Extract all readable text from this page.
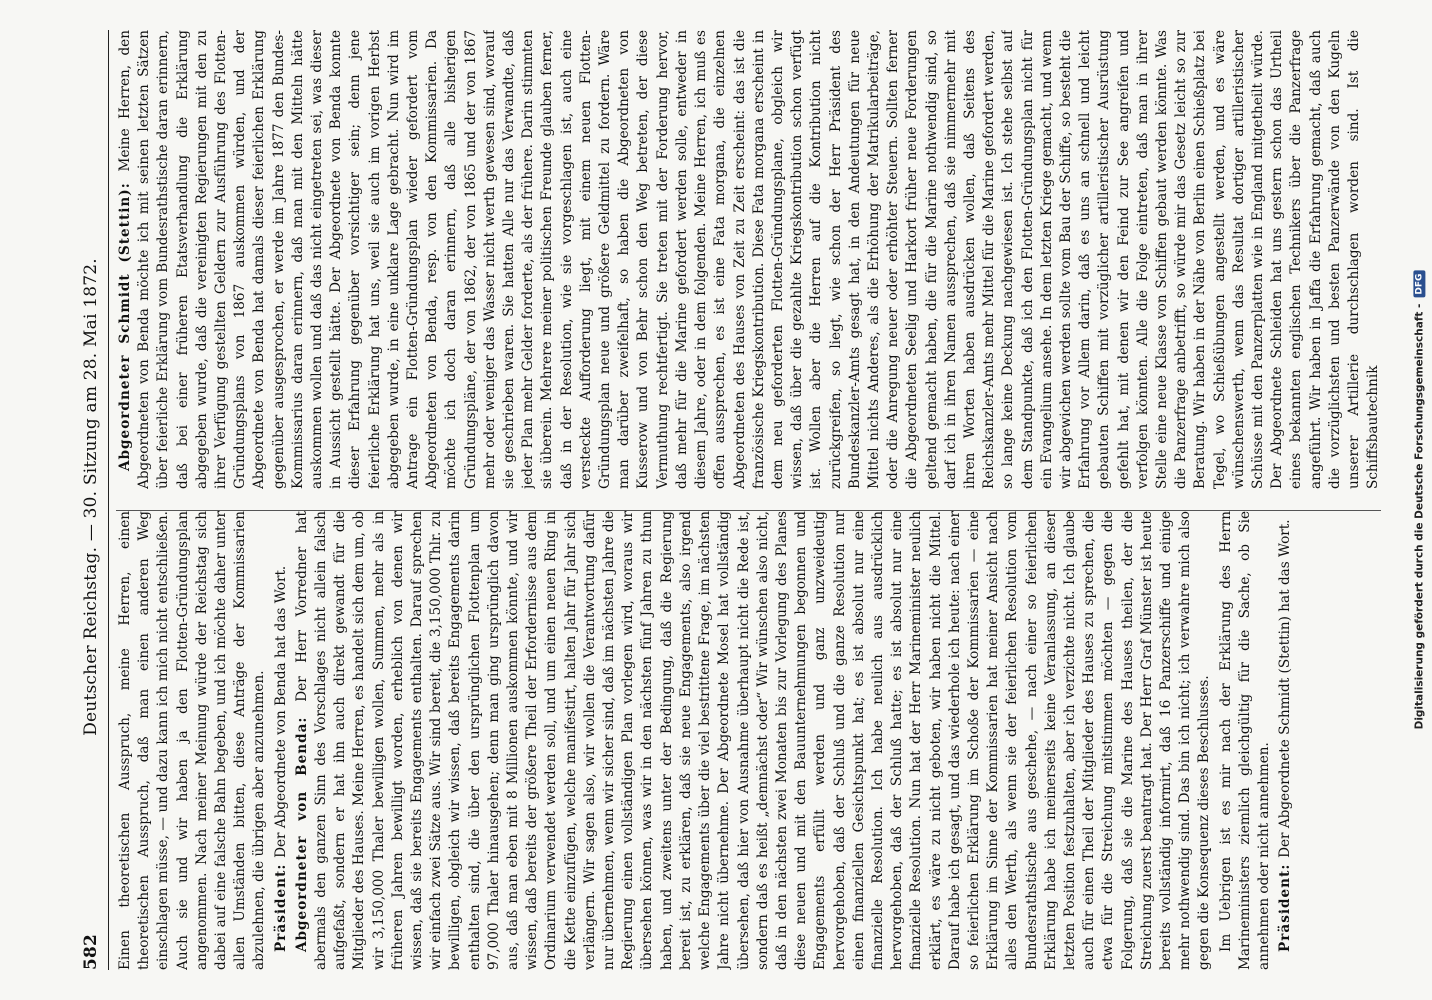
582
Deutscher Reichstag. — 30. Sitzung am 28. Mai 1872.

Einen theoretischen Ausspruch, meine Herren, einen theoretischen Ausspruch, daß man einen anderen Weg einschlagen müsse, — und dazu kann ich mich nicht entschließen. Auch sie und wir haben ja den Flotten-Gründungsplan angenommen. Nach meiner Meinung würde der Reichstag sich dabei auf eine falsche Bahn begeben, und ich möchte daher unter allen Umständen bitten, diese Anträge der Kommissarien abzulehnen, die übrigen aber anzunehmen. Präsident: Der Abgeordnete von Benda hat das Wort. Abgeordneter von Benda: Der Herr Vorredner hat abermals den ganzen Sinn des Vorschlages nicht allein falsch aufgefaßt, sondern er hat ihn auch direkt gewandt für die Mitglieder des Hauses. Meine Herren, es handelt sich dem um, ob wir 3,150,000 Thaler bewilligen wollen, Summen, mehr als in früheren Jahren bewilligt worden, erheblich von denen wir wissen, daß sie bereits Engagements enthalten. Darauf sprechen wir einfach zwei Sätze aus. Wir sind bereit, die 3,150,000 Thlr. zu bewilligen, obgleich wir wissen, daß bereits Engagements darin enthalten sind, die über den ursprünglichen Flottenplan um 97,000 Thaler hinausgehen; denn man ging ursprünglich davon aus, daß man eben mit 8 Millionen auskommen könnte, und wir wissen, daß bereits der größere Theil der Erfordernisse aus dem Ordinarium verwendet werden soll, und um einen neuen Ring in die Kette einzufügen, welche manifestirt, halten Jahr für Jahr sich verlängern. Wir sagen also, wir wollen die Verantwortung dafür nur übernehmen, wenn wir sicher sind, daß im nächsten Jahre die Regierung einen vollständigen Plan vorlegen wird, woraus wir übersehen können, was wir in den nächsten fünf Jahren zu thun haben, und zweitens unter der Bedingung, daß die Regierung bereit ist, zu erklären, daß sie neue Engagements, also irgend welche Engagements über die viel bestrittene Frage, im nächsten Jahre nicht übernehme. Der Abgeordnete Mosel hat vollständig übersehen, daß hier von Ausnahme überhaupt nicht die Rede ist, sondern daß es heißt „demnächst oder“ Wir wünschen also nicht, daß in den nächsten zwei Monaten bis zur Vorlegung des Planes diese neuen und mit den Bauunternehmungen begonnen und Engagements erfüllt werden und ganz unzweideutig hervorgehoben, daß der Schluß und die ganze Resolution nur einen finanziellen Gesichtspunkt hat; es ist absolut nur eine finanzielle Resolution. Ich habe neulich aus ausdrücklich hervorgehoben, daß der Schluß hatte; es ist absolut nur eine finanzielle Resolution. Nun hat der Herr Marineminister neulich erklärt, es wäre zu nicht geboten, wir haben nicht die Mittel. Darauf habe ich gesagt, und das wiederhole ich heute: nach einer so feierlichen Erklärung im Schoße der Kommissarien — eine Erklärung im Sinne der Kommissarien hat meiner Ansicht nach alles den Werth, als wenn sie der feierlichen Resolution vom Bundesrathstische aus geschehe, — nach einer so feierlichen Erklärung habe ich meinerseits keine Veranlassung, an dieser letzten Position festzuhalten, aber ich verzichte nicht. Ich glaube auch für einen Theil der Mitglieder des Hauses zu sprechen, die etwa für die Streichung mitstimmen möchten — gegen die Folgerung, daß sie die Marine des Hauses theilen, der die Streichung zuerst beantragt hat. Der Herr Graf Münster ist heute bereits vollständig informirt, daß 16 Panzerschiffe und einige mehr nothwendig sind. Das bin ich nicht; ich verwahre mich also gegen die Konsequenz dieses Beschlusses. Im Uebrigen ist es mir nach der Erklärung des Herrn Marineministers ziemlich gleichgültig für die Sache, ob Sie annehmen oder nicht annehmen. Präsident: Der Abgeordnete Schmidt (Stettin) hat das Wort.

Abgeordneter Schmidt (Stettin): Meine Herren, den Abgeordneten von Benda möchte ich mit seinen letzten Sätzen über feierliche Erklärung vom Bundesrathstische daran erinnern, daß bei einer früheren Etatsverhandlung die Erklärung abgegeben wurde, daß die vereinigten Regierungen mit den zu ihrer Verfügung gestellten Geldern zur Ausführung des Flotten-Gründungsplans von 1867 auskommen würden, und der Abgeordnete von Benda hat damals dieser feierlichen Erklärung gegenüber ausgesprochen, er werde im Jahre 1877 den Bundes-Kommissarius daran erinnern, daß man mit den Mitteln hätte auskommen wollen und daß das nicht eingetreten sei, was dieser in Aussicht gestellt hätte. Der Abgeordnete von Benda konnte dieser Erfahrung gegenüber vorsichtiger sein; denn jene feierliche Erklärung hat uns, weil sie auch im vorigen Herbst abgegeben wurde, in eine unklare Lage gebracht. Nun wird im Antrage ein Flotten-Gründungsplan wieder gefordert vom Abgeordneten von Benda, resp. von den Kommissarien. Da möchte ich doch daran erinnern, daß alle bisherigen Gründungspläne, der von 1862, der von 1865 und der von 1867 mehr oder weniger das Wasser nicht werth gewesen sind, worauf sie geschrieben waren. Sie hatten Alle nur das Verwandte, daß jeder Plan mehr Gelder forderte, als der frühere. Darin stimmten sie überein. Mehrere meiner politischen Freunde glauben ferner, daß in der Resolution, wie sie vorgeschlagen ist, auch eine versteckte Aufforderung liegt, mit einem neuen Flotten-Gründungsplan neue und größere Geldmittel zu fordern. Wäre man darüber zweifelhaft, so haben die Abgeordneten von Kusserow und von Behr schon den Weg betreten, der diese Vermuthung rechtfertigt. Sie treten mit der Forderung hervor, daß mehr für die Marine gefordert werden solle, entweder in diesem Jahre, oder in dem folgenden. Meine Herren, ich muß es offen aussprechen, es ist eine Fata morgana, die einzelnen Abgeordneten des Hauses von Zeit zu Zeit erscheint: das ist die französische Kriegskontribution. Diese Fata morgana erscheint in dem neu geforderten Flotten-Gründungsplane, obgleich wir wissen, daß über die gezahlte Kriegskontribution schon verfügt ist. Wollen aber die Herren auf die Kontribution nicht zurückgreifen, so liegt, wie schon der Herr Präsident des Bundeskanzler-Amts gesagt hat, in den Andeutungen für neue Mittel nichts Anderes, als die Erhöhung der Matrikularbeiträge, oder die Anregung neuer oder erhöhter Steuern. Sollten ferner die Abgeordneten Seelig und Harkort früher neue Forderungen geltend gemacht haben, die für die Marine nothwendig sind, so darf ich in ihren Namen aussprechen, daß sie nimmermehr mit ihren Worten haben ausdrücken wollen, daß Seitens des Reichskanzler-Amts mehr Mittel für die Marine gefordert werden, so lange keine Deckung nachgewiesen ist. Ich stehe selbst auf dem Standpunkte, daß ich den Flotten-Gründungsplan nicht für ein Evangelium ansehe. In dem letzten Kriege gemacht, und wenn wir abgewichen werden sollte vom Bau der Schiffe, so besteht die Erfahrung vor Allem darin, daß es uns an schnell und leicht gebauten Schiffen mit vorzüglicher artilleristischer Ausrüstung gefehlt hat, mit denen wir den Feind zur See angreifen und verfolgen könnten. Alle die Folge eintreten, daß man in ihrer Stelle eine neue Klasse von Schiffen gebaut werden könnte. Was die Panzerfrage anbetrifft, so würde mir das Gesetz leicht so zur Beratung. Wir haben in der Nähe von Berlin einen Schießplatz bei Tegel, wo Schießübungen angestellt werden, und es wäre wünschenswerth, wenn das Resultat dortiger artilleristischer Schüsse mit den Panzerplatten wie in England mitgetheilt würde. Der Abgeordnete Schleiden hat uns gestern schon das Urtheil eines bekannten englischen Technikers über die Panzerfrage angeführt. Wir haben in Jaffa die Erfahrung gemacht, daß auch die vorzüglichsten und besten Panzerwände von den Kugeln unserer Artillerie durchschlagen worden sind. Ist die Schiffsbautechnik	Digitalisierung gefördert durch die Deutsche Forschungsgemeinschaft -
DFG
